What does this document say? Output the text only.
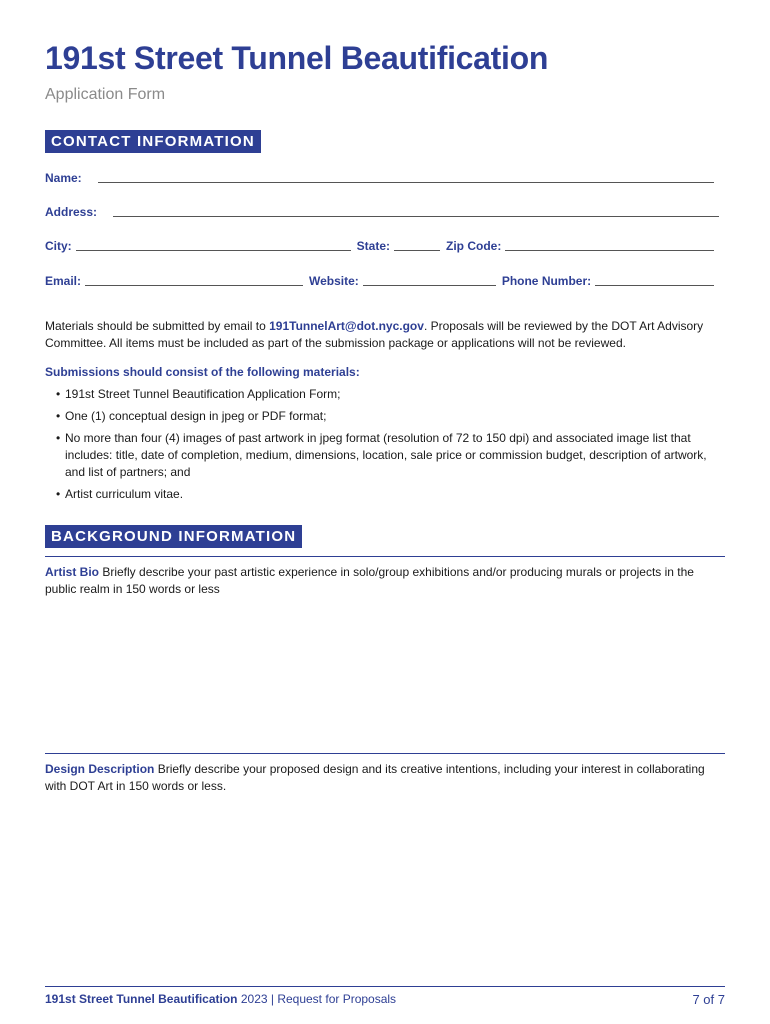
191st Street Tunnel Beautification
Application Form
CONTACT INFORMATION
Name:
Address:
City:	State:	Zip Code:
Email:	Website:	Phone Number:
Materials should be submitted by email to 191TunnelArt@dot.nyc.gov. Proposals will be reviewed by the DOT Art Advisory Committee. All items must be included as part of the submission package or applications will not be reviewed.
Submissions should consist of the following materials:
• 191st Street Tunnel Beautification Application Form;
• One (1) conceptual design in jpeg or PDF format;
• No more than four (4) images of past artwork in jpeg format (resolution of 72 to 150 dpi) and associated image list that includes: title, date of completion, medium, dimensions, location, sale price or commission budget, description of artwork, and list of partners; and
• Artist curriculum vitae.
BACKGROUND INFORMATION
Artist Bio Briefly describe your past artistic experience in solo/group exhibitions and/or producing murals or projects in the public realm in 150 words or less
Design Description Briefly describe your proposed design and its creative intentions, including your interest in collaborating with DOT Art in 150 words or less.
191st Street Tunnel Beautification 2023 | Request for Proposals	7 of 7
